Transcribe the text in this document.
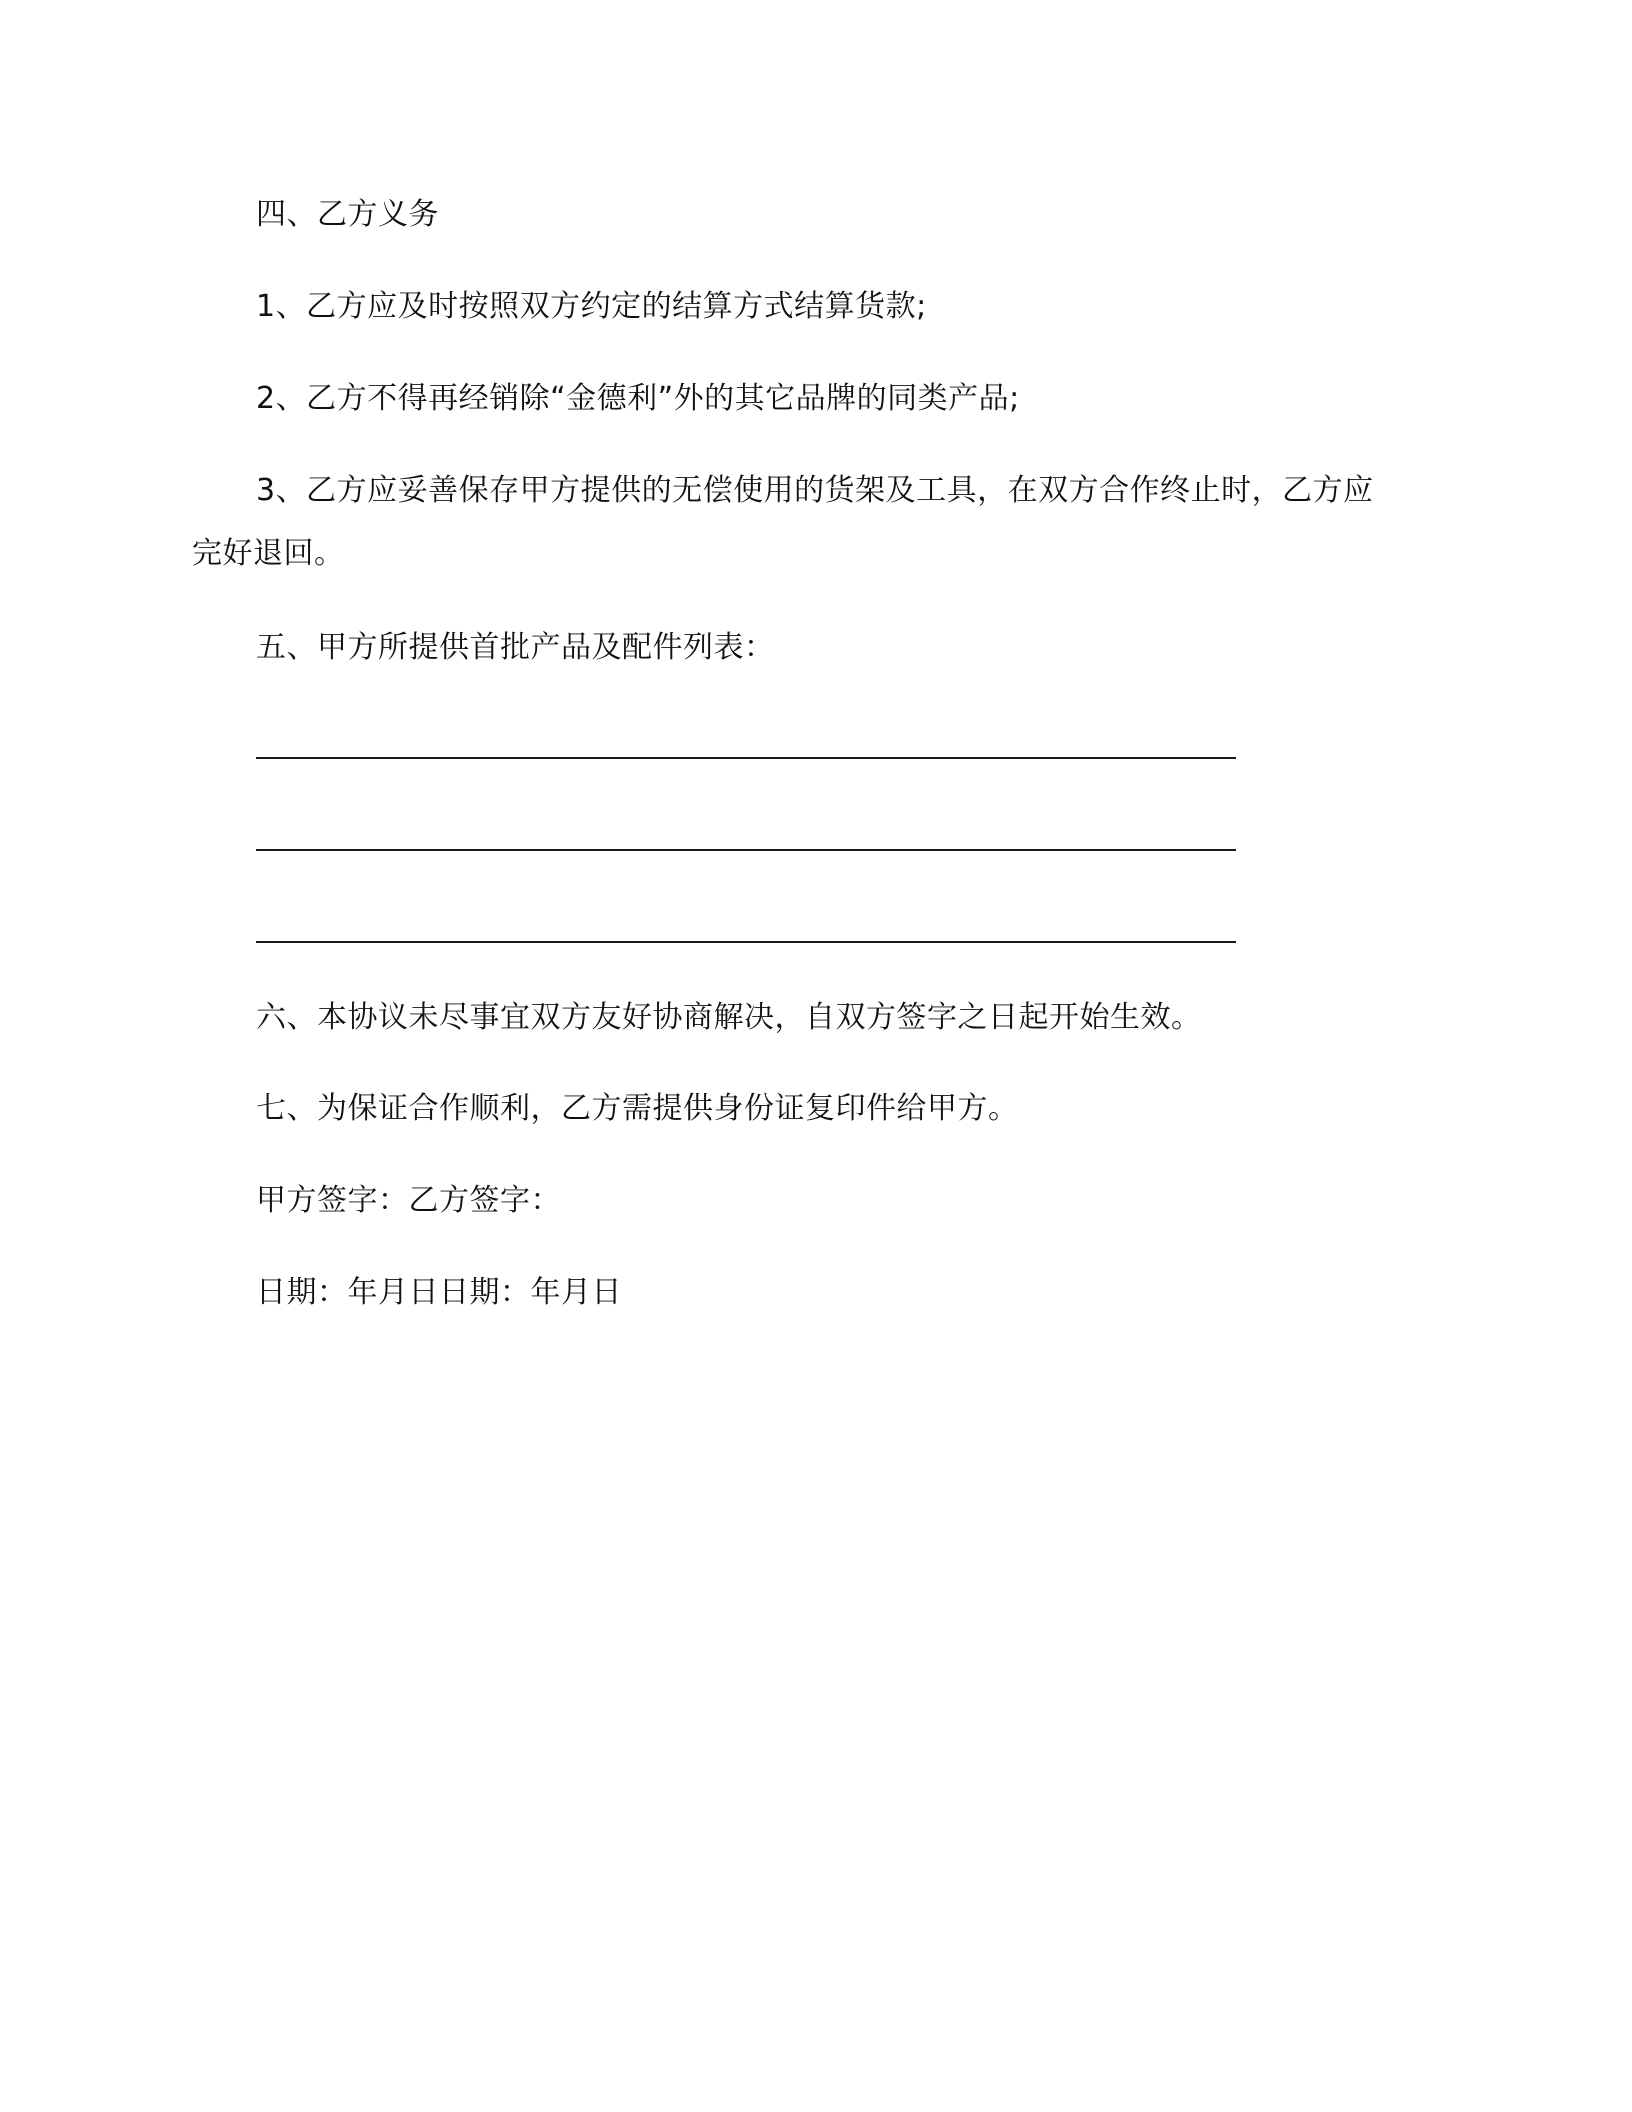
四、乙方义务
1、乙方应及时按照双方约定的结算方式结算货款;
2、乙方不得再经销除“金德利”外的其它品牌的同类产品;
3、乙方应妥善保存甲方提供的无偿使用的货架及工具，在双方合作终止时，乙方应
完好退回。
五、甲方所提供首批产品及配件列表：
六、本协议未尽事宜双方友好协商解决，自双方签字之日起开始生效。
七、为保证合作顺利，乙方需提供身份证复印件给甲方。
甲方签字：乙方签字：
日期：年月日日期：年月日
